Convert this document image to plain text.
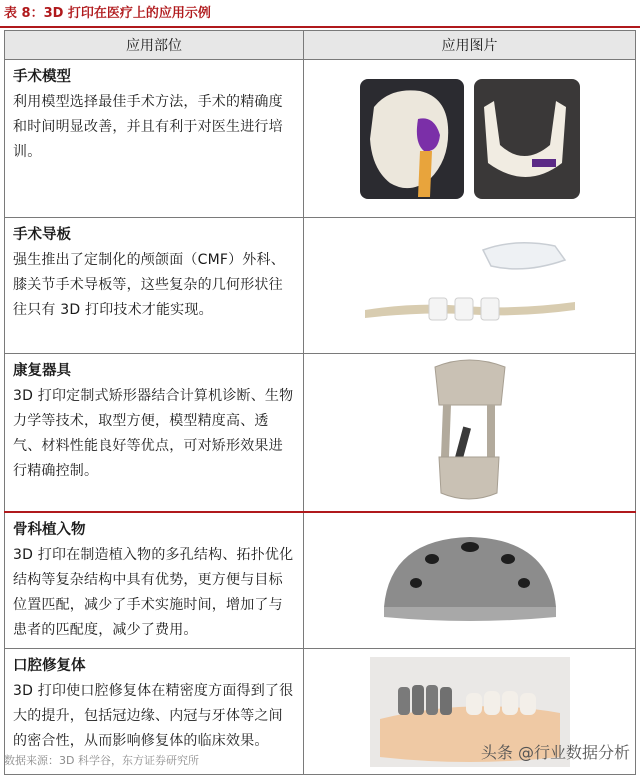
表 8：3D 打印在医疗上的应用示例
应用部位	应用图片

手术模型
利用模型选择最佳手术方法，手术的精确度和时间明显改善，并且有利于对医生进行培训。

手术导板
强生推出了定制化的颅颌面（CMF）外科、膝关节手术导板等，这些复杂的几何形状往往只有 3D 打印技术才能实现。

康复器具
3D 打印定制式矫形器结合计算机诊断、生物力学等技术，取型方便，模型精度高、透气、材料性能良好等优点，可对矫形效果进行精确控制。

骨科植入物
3D 打印在制造植入物的多孔结构、拓扑优化结构等复杂结构中具有优势，更方便与目标位置匹配，减少了手术实施时间，增加了与患者的匹配度，减少了费用。

口腔修复体
3D 打印使口腔修复体在精密度方面得到了很大的提升，包括冠边缘、内冠与牙体等之间的密合性，从而影响修复体的临床效果。

数据来源：3D 科学谷，东方证券研究所	头条 @行业数据分析
